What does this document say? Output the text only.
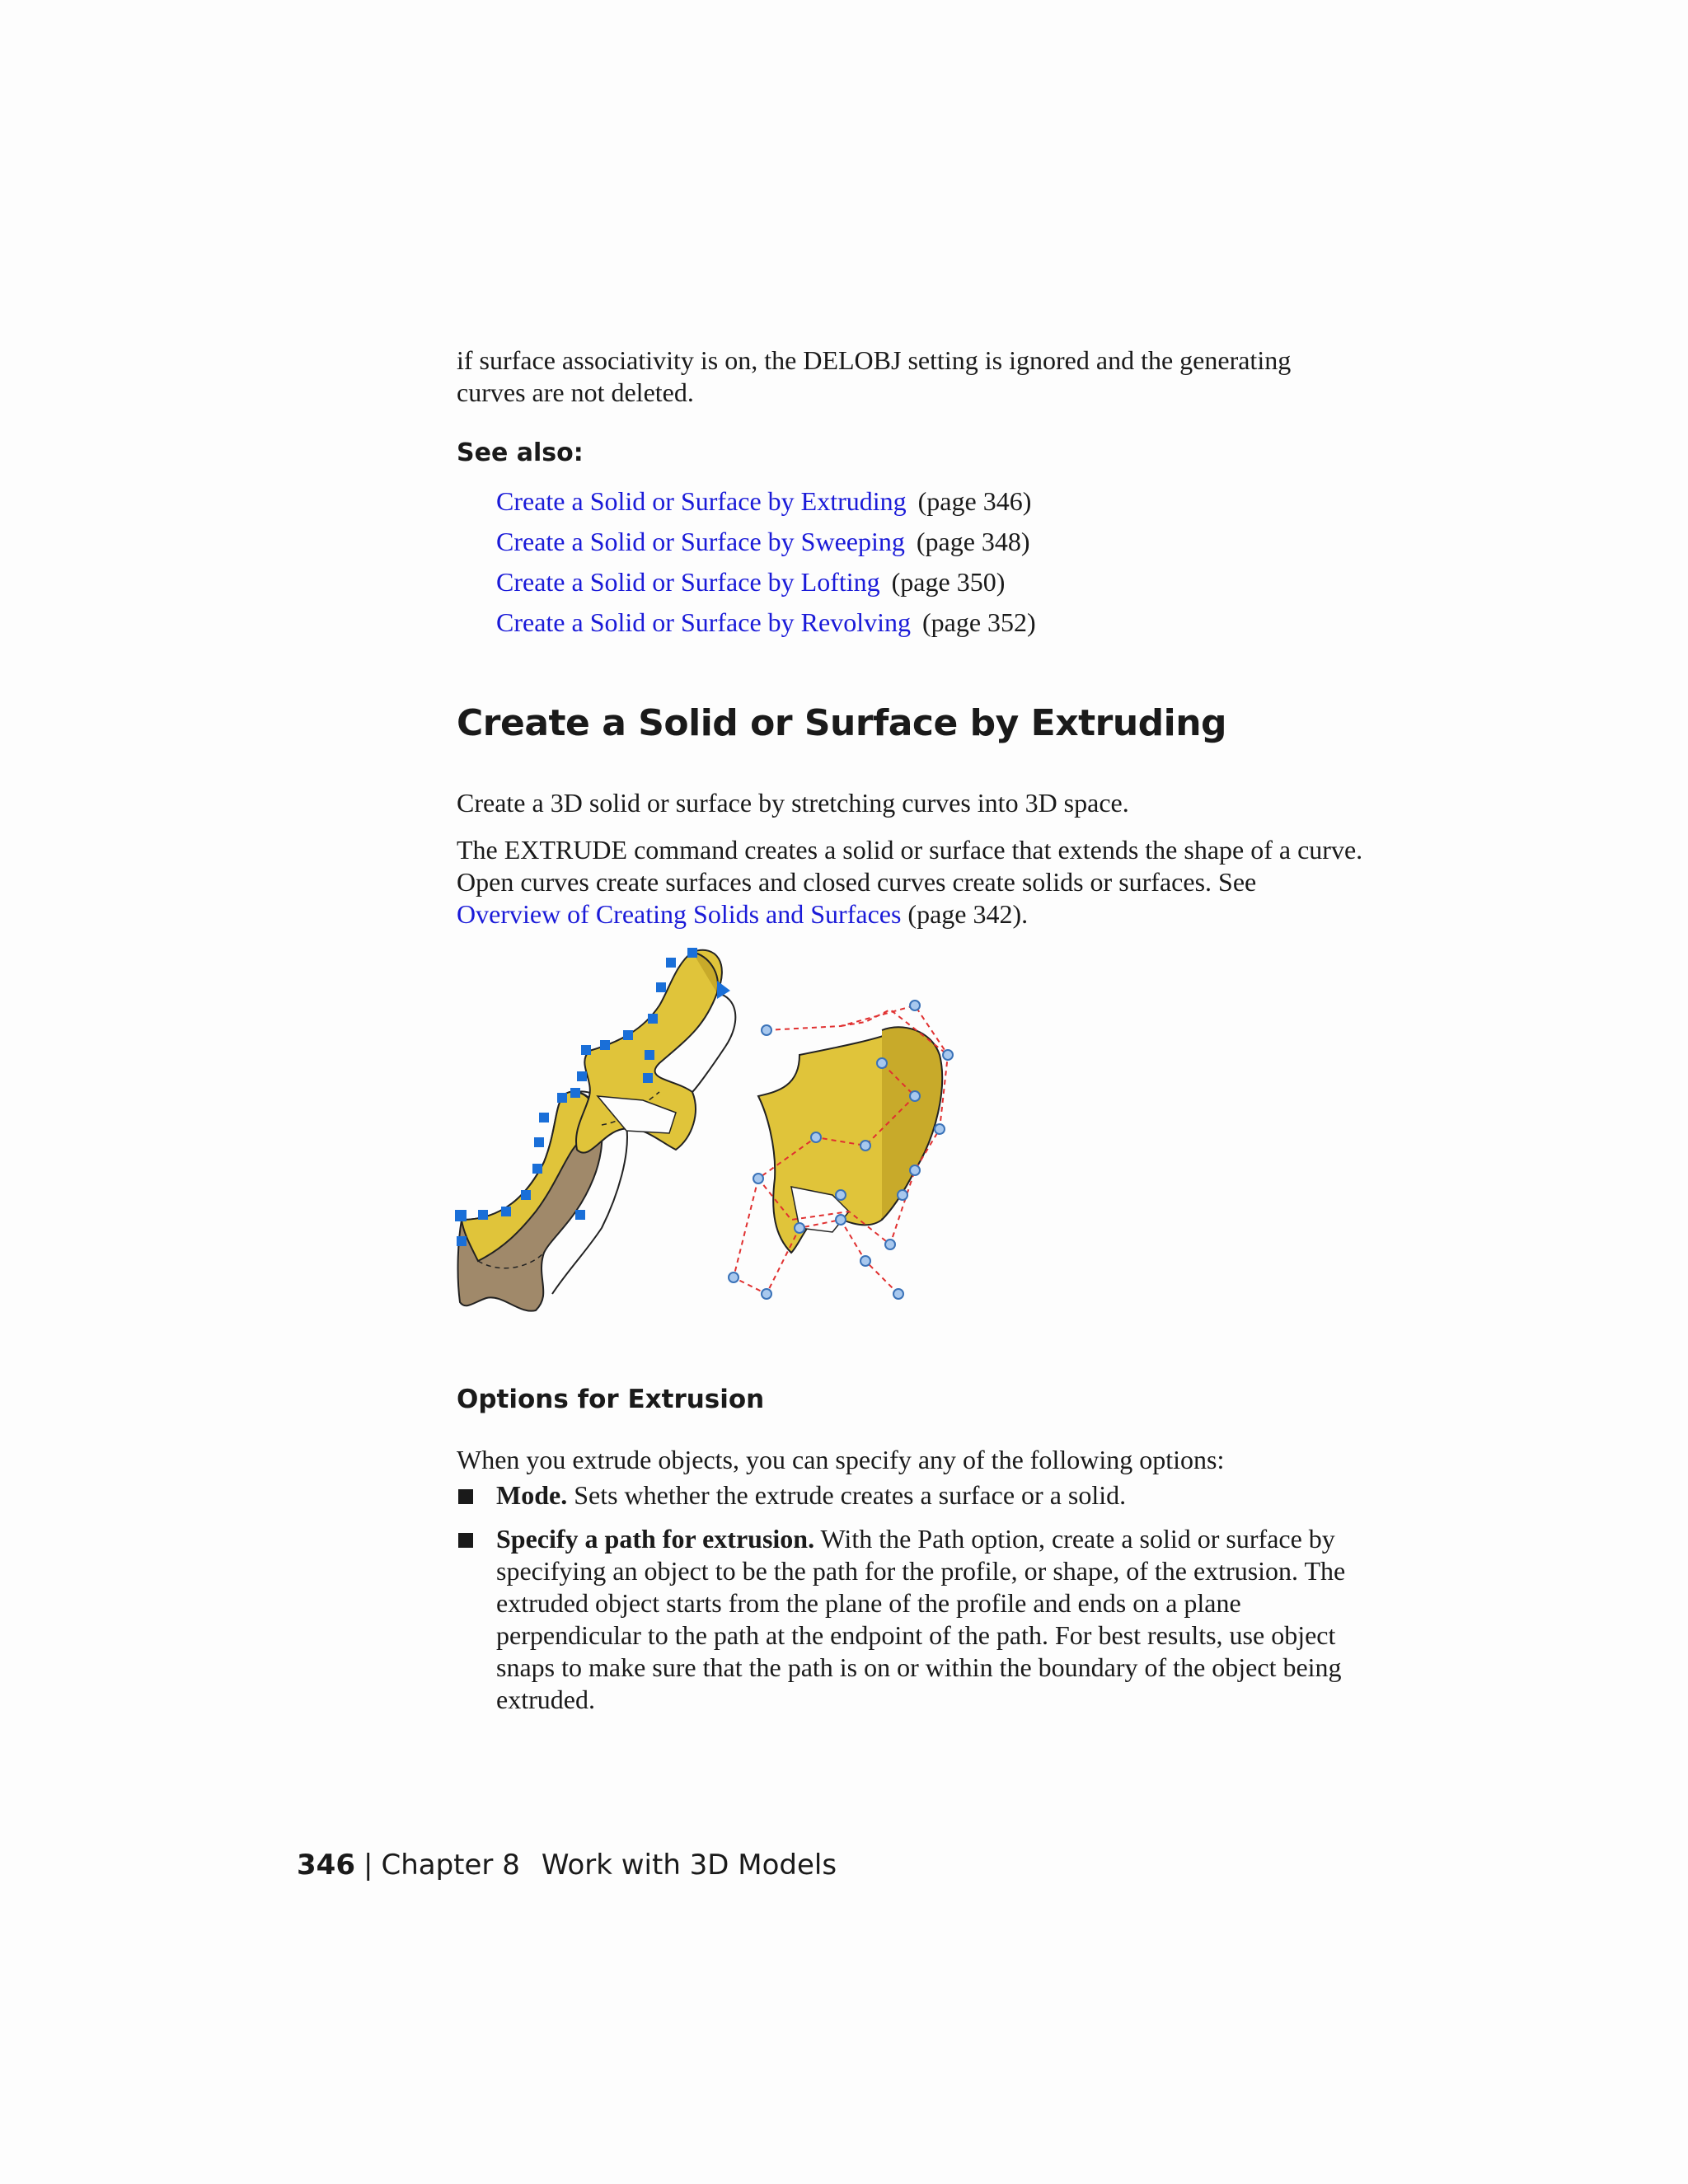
if surface associativity is on, the DELOBJ setting is ignored and the generating curves are not deleted.
See also:
Create a Solid or Surface by Extruding (page 346)
Create a Solid or Surface by Sweeping (page 348)
Create a Solid or Surface by Lofting (page 350)
Create a Solid or Surface by Revolving (page 352)
Create a Solid or Surface by Extruding
Create a 3D solid or surface by stretching curves into 3D space.
The EXTRUDE command creates a solid or surface that extends the shape of a curve. Open curves create surfaces and closed curves create solids or surfaces. See Overview of Creating Solids and Surfaces (page 342).
Options for Extrusion
When you extrude objects, you can specify any of the following options:
Mode. Sets whether the extrude creates a surface or a solid.
Specify a path for extrusion. With the Path option, create a solid or surface by specifying an object to be the path for the profile, or shape, of the extrusion. The extruded object starts from the plane of the profile and ends on a plane perpendicular to the path at the endpoint of the path. For best results, use object snaps to make sure that the path is on or within the boundary of the object being extruded.
346 | Chapter 8 Work with 3D Models
